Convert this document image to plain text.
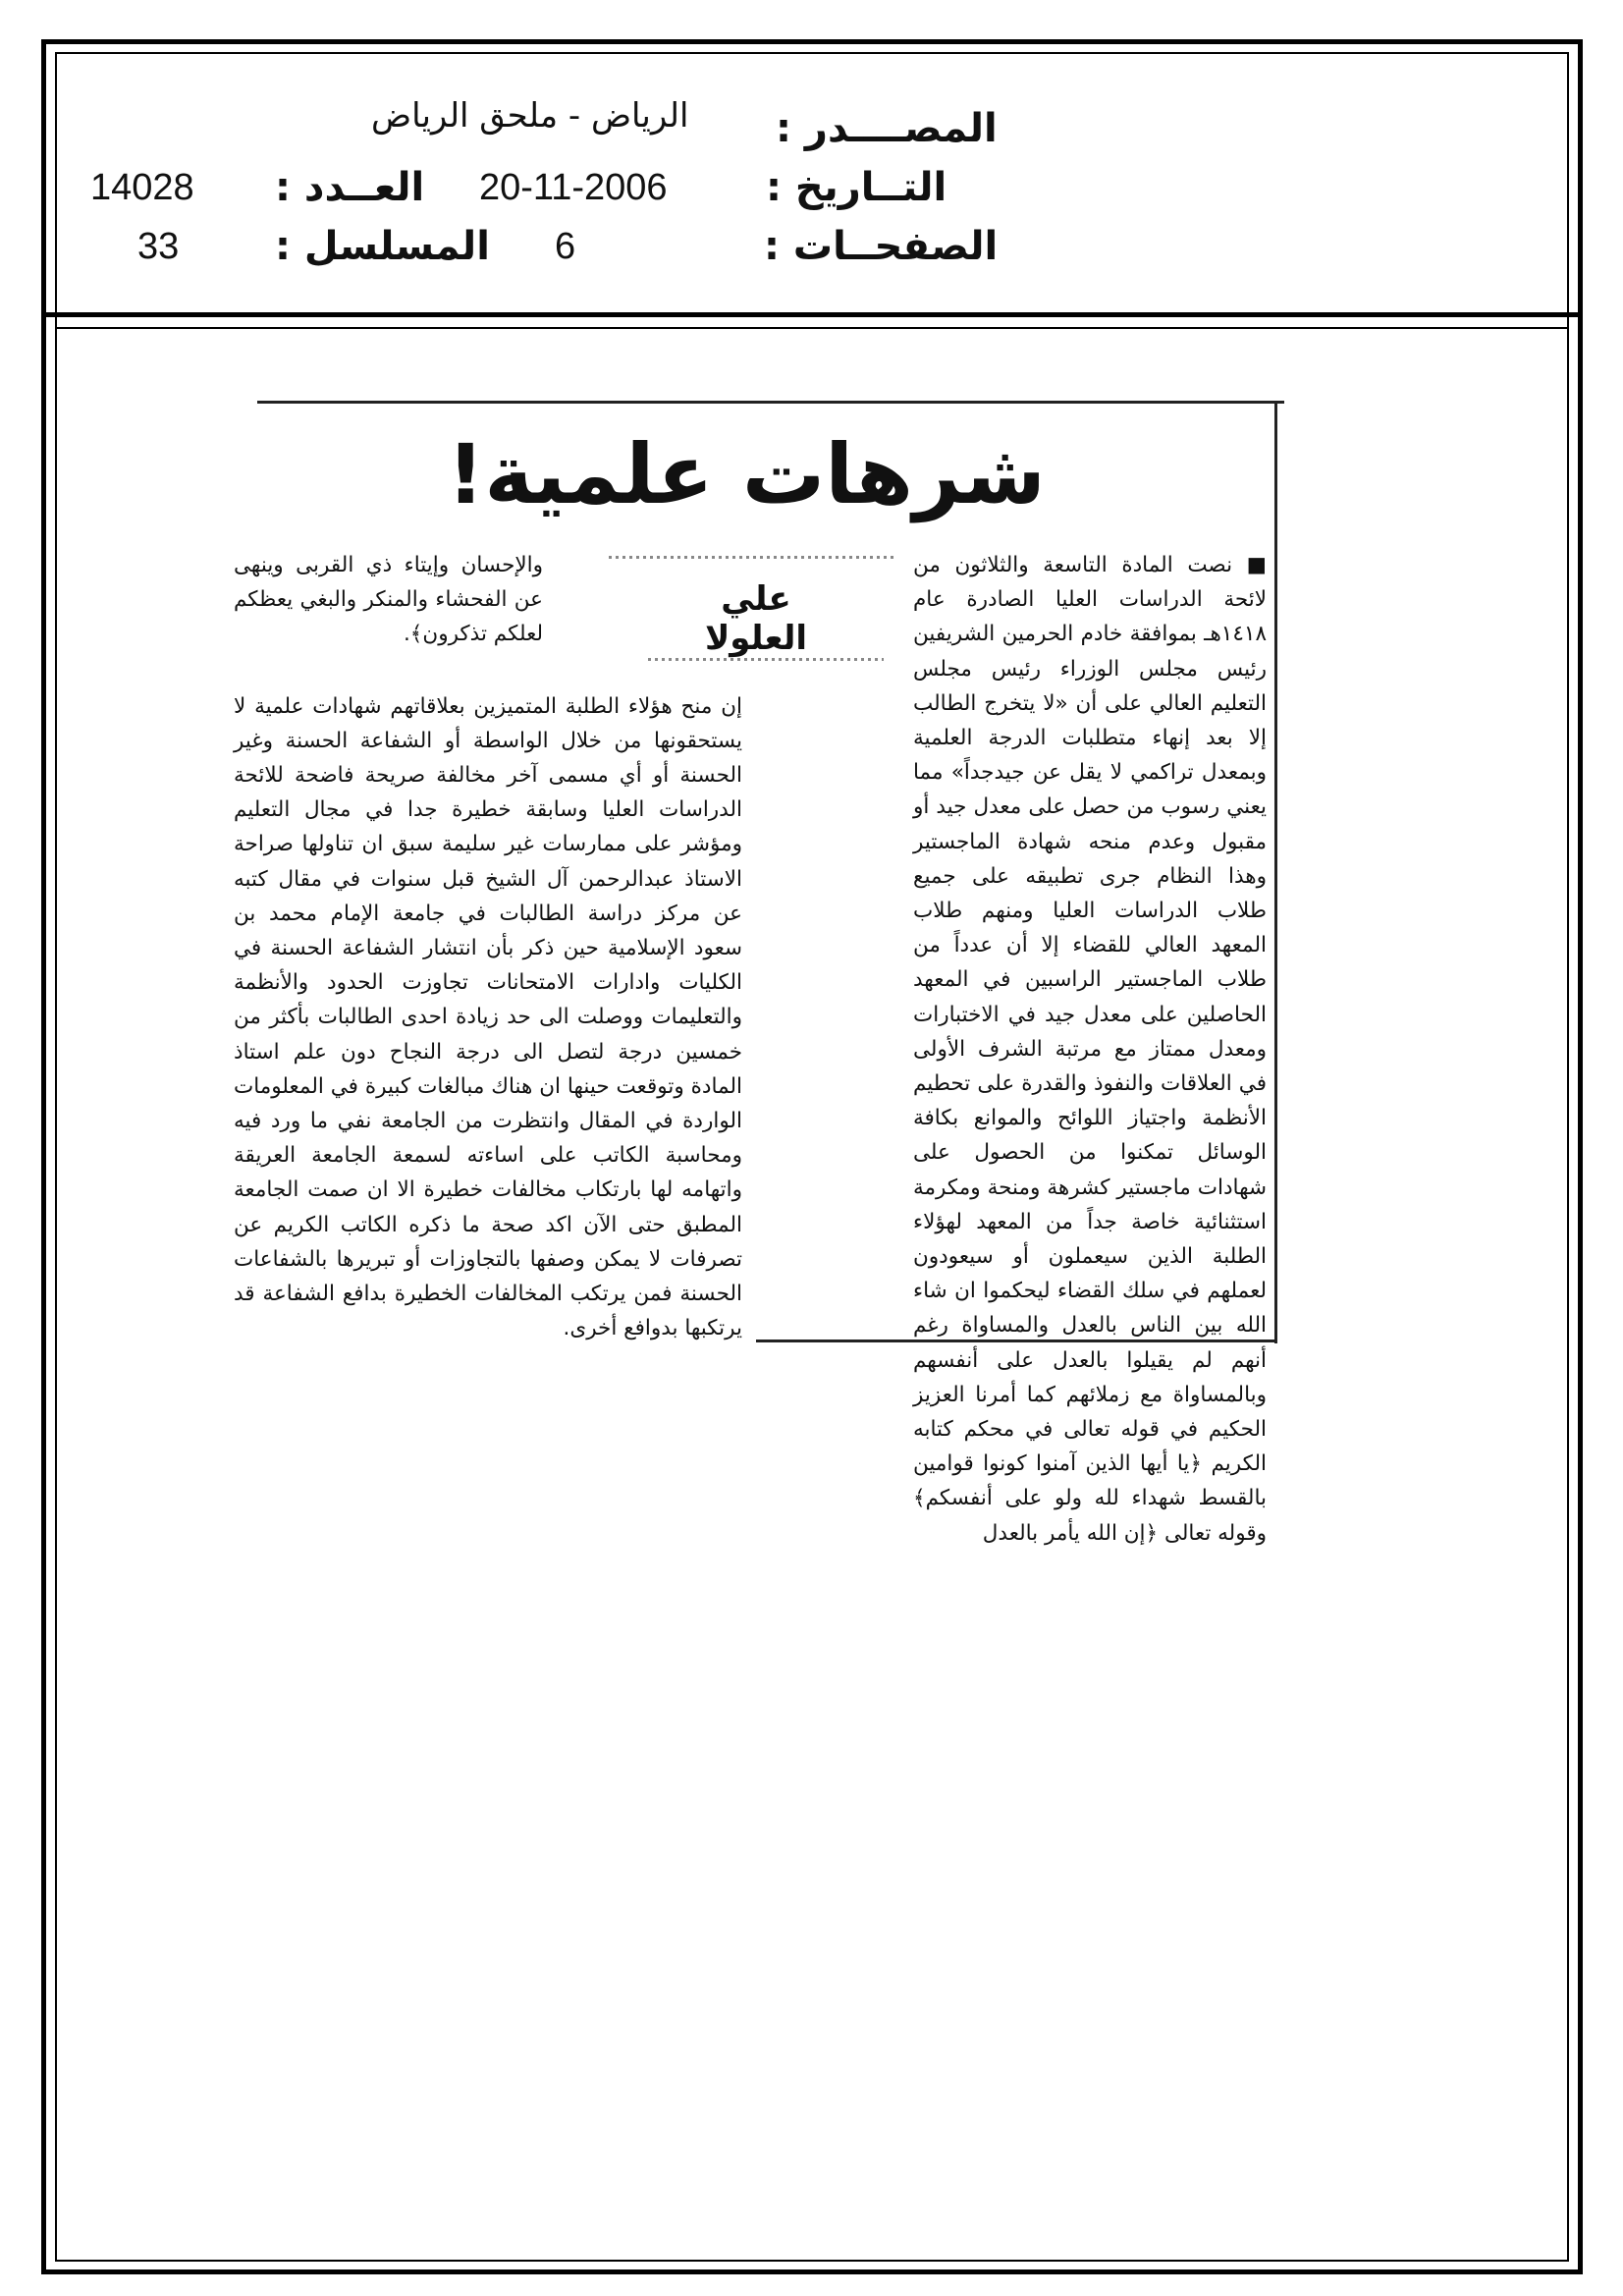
المصــــدر :
الرياض - ملحق الرياض
التــاريخ :
20-11-2006
العــدد :
14028
الصفحــات :
6
المسلسل :
33
شرهات علمية!
علي العلولا

■ نصت المادة التاسعة والثلاثون من لائحة الدراسات العليا الصادرة عام ١٤١٨هـ بموافقة خادم الحرمين الشريفين رئيس مجلس الوزراء رئيس مجلس التعليم العالي على أن «لا يتخرج الطالب إلا بعد إنهاء متطلبات الدرجة العلمية وبمعدل تراكمي لا يقل عن جيدجداً» مما يعني رسوب من حصل على معدل جيد أو مقبول وعدم منحه شهادة الماجستير وهذا النظام جرى تطبيقه على جميع طلاب الدراسات العليا ومنهم طلاب المعهد العالي للقضاء إلا أن عدداً من طلاب الماجستير الراسبين في المعهد الحاصلين على معدل جيد في الاختبارات ومعدل ممتاز مع مرتبة الشرف الأولى في العلاقات والنفوذ والقدرة على تحطيم الأنظمة واجتياز اللوائح والموانع بكافة الوسائل تمكنوا من الحصول على شهادات ماجستير كشرهة ومنحة ومكرمة استثنائية خاصة جداً من المعهد لهؤلاء الطلبة الذين سيعملون أو سيعودون لعملهم في سلك القضاء ليحكموا ان شاء الله بين الناس بالعدل والمساواة رغم أنهم لم يقيلوا بالعدل على أنفسهم وبالمساواة مع زملائهم كما أمرنا العزيز الحكيم في قوله تعالى في محكم كتابه الكريم ﴿يا أيها الذين آمنوا كونوا قوامين بالقسط شهداء لله ولو على أنفسكم﴾ وقوله تعالى ﴿إن الله يأمر بالعدل

والإحسان وإيتاء ذي القربى وينهى عن الفحشاء والمنكر والبغي يعظكم لعلكم تذكرون﴾.

إن منح هؤلاء الطلبة المتميزين بعلاقاتهم شهادات علمية لا يستحقونها من خلال الواسطة أو الشفاعة الحسنة وغير الحسنة أو أي مسمى آخر مخالفة صريحة فاضحة للائحة الدراسات العليا وسابقة خطيرة جدا في مجال التعليم ومؤشر على ممارسات غير سليمة سبق ان تناولها صراحة الاستاذ عبدالرحمن آل الشيخ قبل سنوات في مقال كتبه عن مركز دراسة الطالبات في جامعة الإمام محمد بن سعود الإسلامية حين ذكر بأن انتشار الشفاعة الحسنة في الكليات وادارات الامتحانات تجاوزت الحدود والأنظمة والتعليمات ووصلت الى حد زيادة احدى الطالبات بأكثر من خمسين درجة لتصل الى درجة النجاح دون علم استاذ المادة وتوقعت حينها ان هناك مبالغات كبيرة في المعلومات الواردة في المقال وانتظرت من الجامعة نفي ما ورد فيه ومحاسبة الكاتب على اساءته لسمعة الجامعة العريقة واتهامه لها بارتكاب مخالفات خطيرة الا ان صمت الجامعة المطبق حتى الآن اكد صحة ما ذكره الكاتب الكريم عن تصرفات لا يمكن وصفها بالتجاوزات أو تبريرها بالشفاعات الحسنة فمن يرتكب المخالفات الخطيرة بدافع الشفاعة قد يرتكبها بدوافع أخرى.
